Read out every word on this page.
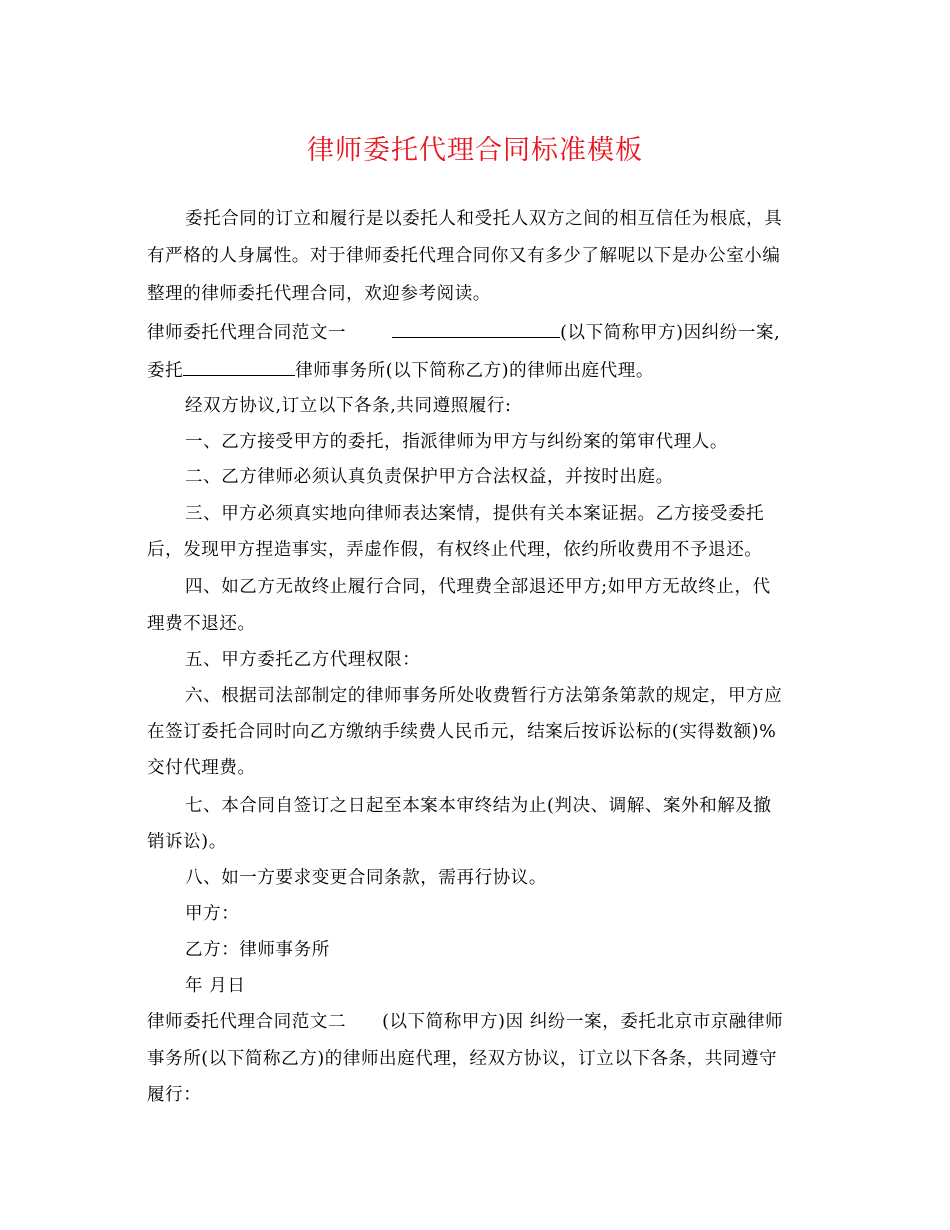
律师委托代理合同标准模板
委托合同的订立和履行是以委托人和受托人双方之间的相互信任为根底，具
有严格的人身属性。对于律师委托代理合同你又有多少了解呢以下是办公室小编
整理的律师委托代理合同，欢迎参考阅读。
律师委托代理合同范文一	(以下简称甲方)因纠纷一案,
委托	律师事务所(以下简称乙方)的律师出庭代理。
经双方协议,订立以下各条,共同遵照履行:
一、乙方接受甲方的委托，指派律师为甲方与纠纷案的第审代理人。
二、乙方律师必须认真负责保护甲方合法权益，并按时出庭。
三、甲方必须真实地向律师表达案情，提供有关本案证据。乙方接受委托
后，发现甲方捏造事实，弄虚作假，有权终止代理，依约所收费用不予退还。
四、如乙方无故终止履行合同，代理费全部退还甲方;如甲方无故终止，代
理费不退还。
五、甲方委托乙方代理权限：
六、根据司法部制定的律师事务所处收费暂行方法第条第款的规定，甲方应
在签订委托合同时向乙方缴纳手续费人民币元，结案后按诉讼标的(实得数额)%
交付代理费。
七、本合同自签订之日起至本案本审终结为止(判决、调解、案外和解及撤
销诉讼)。
八、如一方要求变更合同条款，需再行协议。
甲方：
乙方：律师事务所
年 月日
律师委托代理合同范文二 (以下简称甲方)因 纠纷一案，委托北京市京融律师
事务所(以下简称乙方)的律师出庭代理，经双方协议，订立以下各条，共同遵守
履行：
